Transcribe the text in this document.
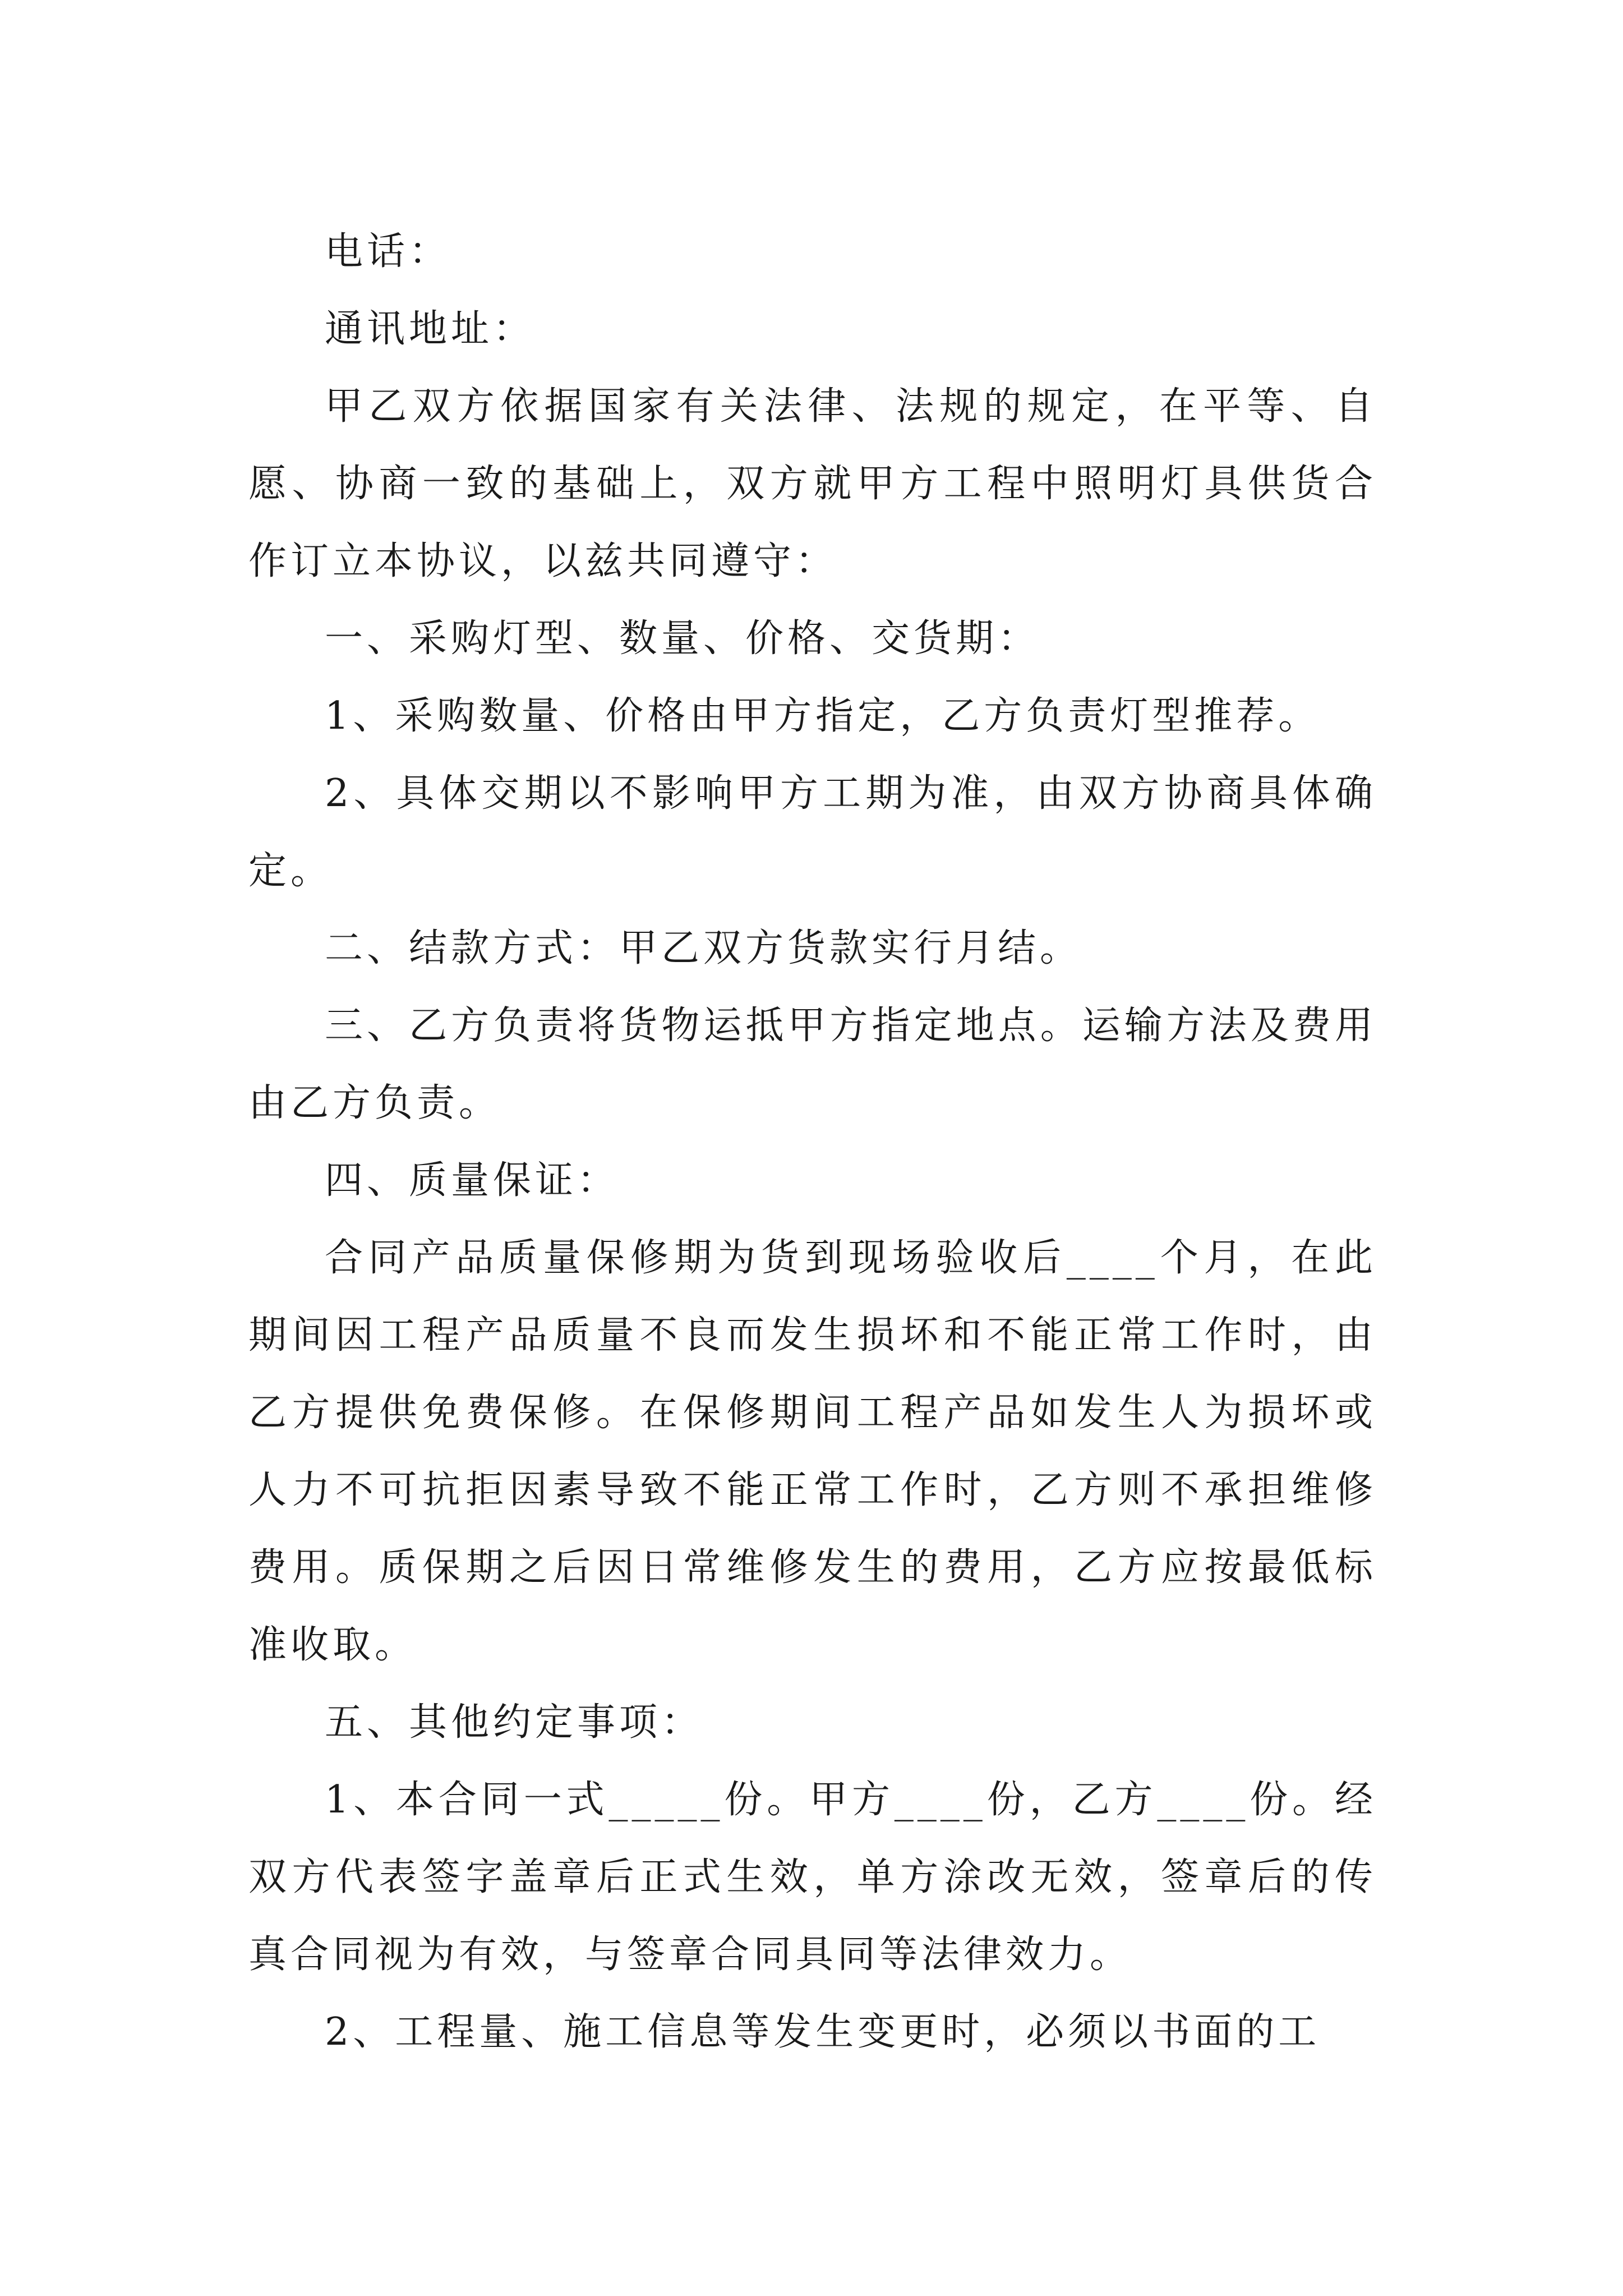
电话：

通讯地址：

甲乙双方依据国家有关法律、法规的规定，在平等、自愿、协商一致的基础上，双方就甲方工程中照明灯具供货合作订立本协议，以兹共同遵守：

一、采购灯型、数量、价格、交货期：

1、采购数量、价格由甲方指定，乙方负责灯型推荐。

2、具体交期以不影响甲方工期为准，由双方协商具体确定。

二、结款方式：甲乙双方货款实行月结。

三、乙方负责将货物运抵甲方指定地点。运输方法及费用由乙方负责。

四、质量保证：

合同产品质量保修期为货到现场验收后____个月，在此期间因工程产品质量不良而发生损坏和不能正常工作时，由乙方提供免费保修。在保修期间工程产品如发生人为损坏或人力不可抗拒因素导致不能正常工作时，乙方则不承担维修费用。质保期之后因日常维修发生的费用，乙方应按最低标准收取。

五、其他约定事项：

1、本合同一式_____份。甲方____份，乙方____份。经双方代表签字盖章后正式生效，单方涂改无效，签章后的传真合同视为有效，与签章合同具同等法律效力。

2、工程量、施工信息等发生变更时，必须以书面的工
